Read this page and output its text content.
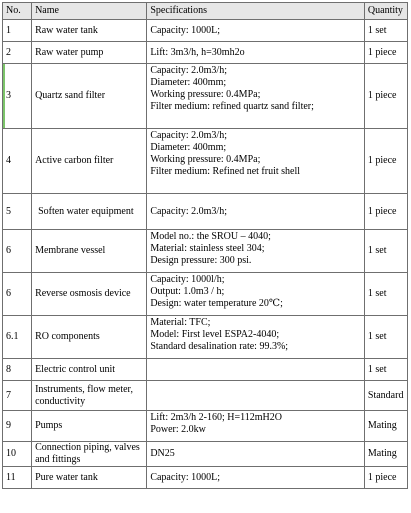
No.	Name	Specifications	Quantity
1	Raw water tank	Capacity: 1000L;	1 set
2	Raw water pump	Lift: 3m3/h, h=30mh2o	1 piece
3	Quartz sand filter	Capacity: 2.0m3/h;
Diameter: 400mm;
Working pressure: 0.4MPa;
Filter medium: refined quartz sand filter;	1 piece
4	Active carbon filter	Capacity: 2.0m3/h;
Diameter: 400mm;
Working pressure: 0.4MPa;
Filter medium: Refined net fruit shell	1 piece
5	Soften water equipment	Capacity: 2.0m3/h;	1 piece
6	Membrane vessel	Model no.: the SROU – 4040;
Material: stainless steel 304;
Design pressure: 300 psi.	1 set
6	Reverse osmosis device	Capacity: 1000l/h;
Output: 1.0m3 / h;
Design: water temperature 20℃;	1 set
6.1	RO components	Material: TFC;
Model: First level ESPA2-4040;
Standard desalination rate: 99.3%;	1 set
8	Electric control unit		1 set
7	Instruments, flow meter, conductivity		Standard
9	Pumps	Lift: 2m3/h 2-160; H=112mH2O
Power: 2.0kw	Mating
10	Connection piping, valves and fittings	DN25	Mating
11	Pure water tank	Capacity: 1000L;	1 piece
